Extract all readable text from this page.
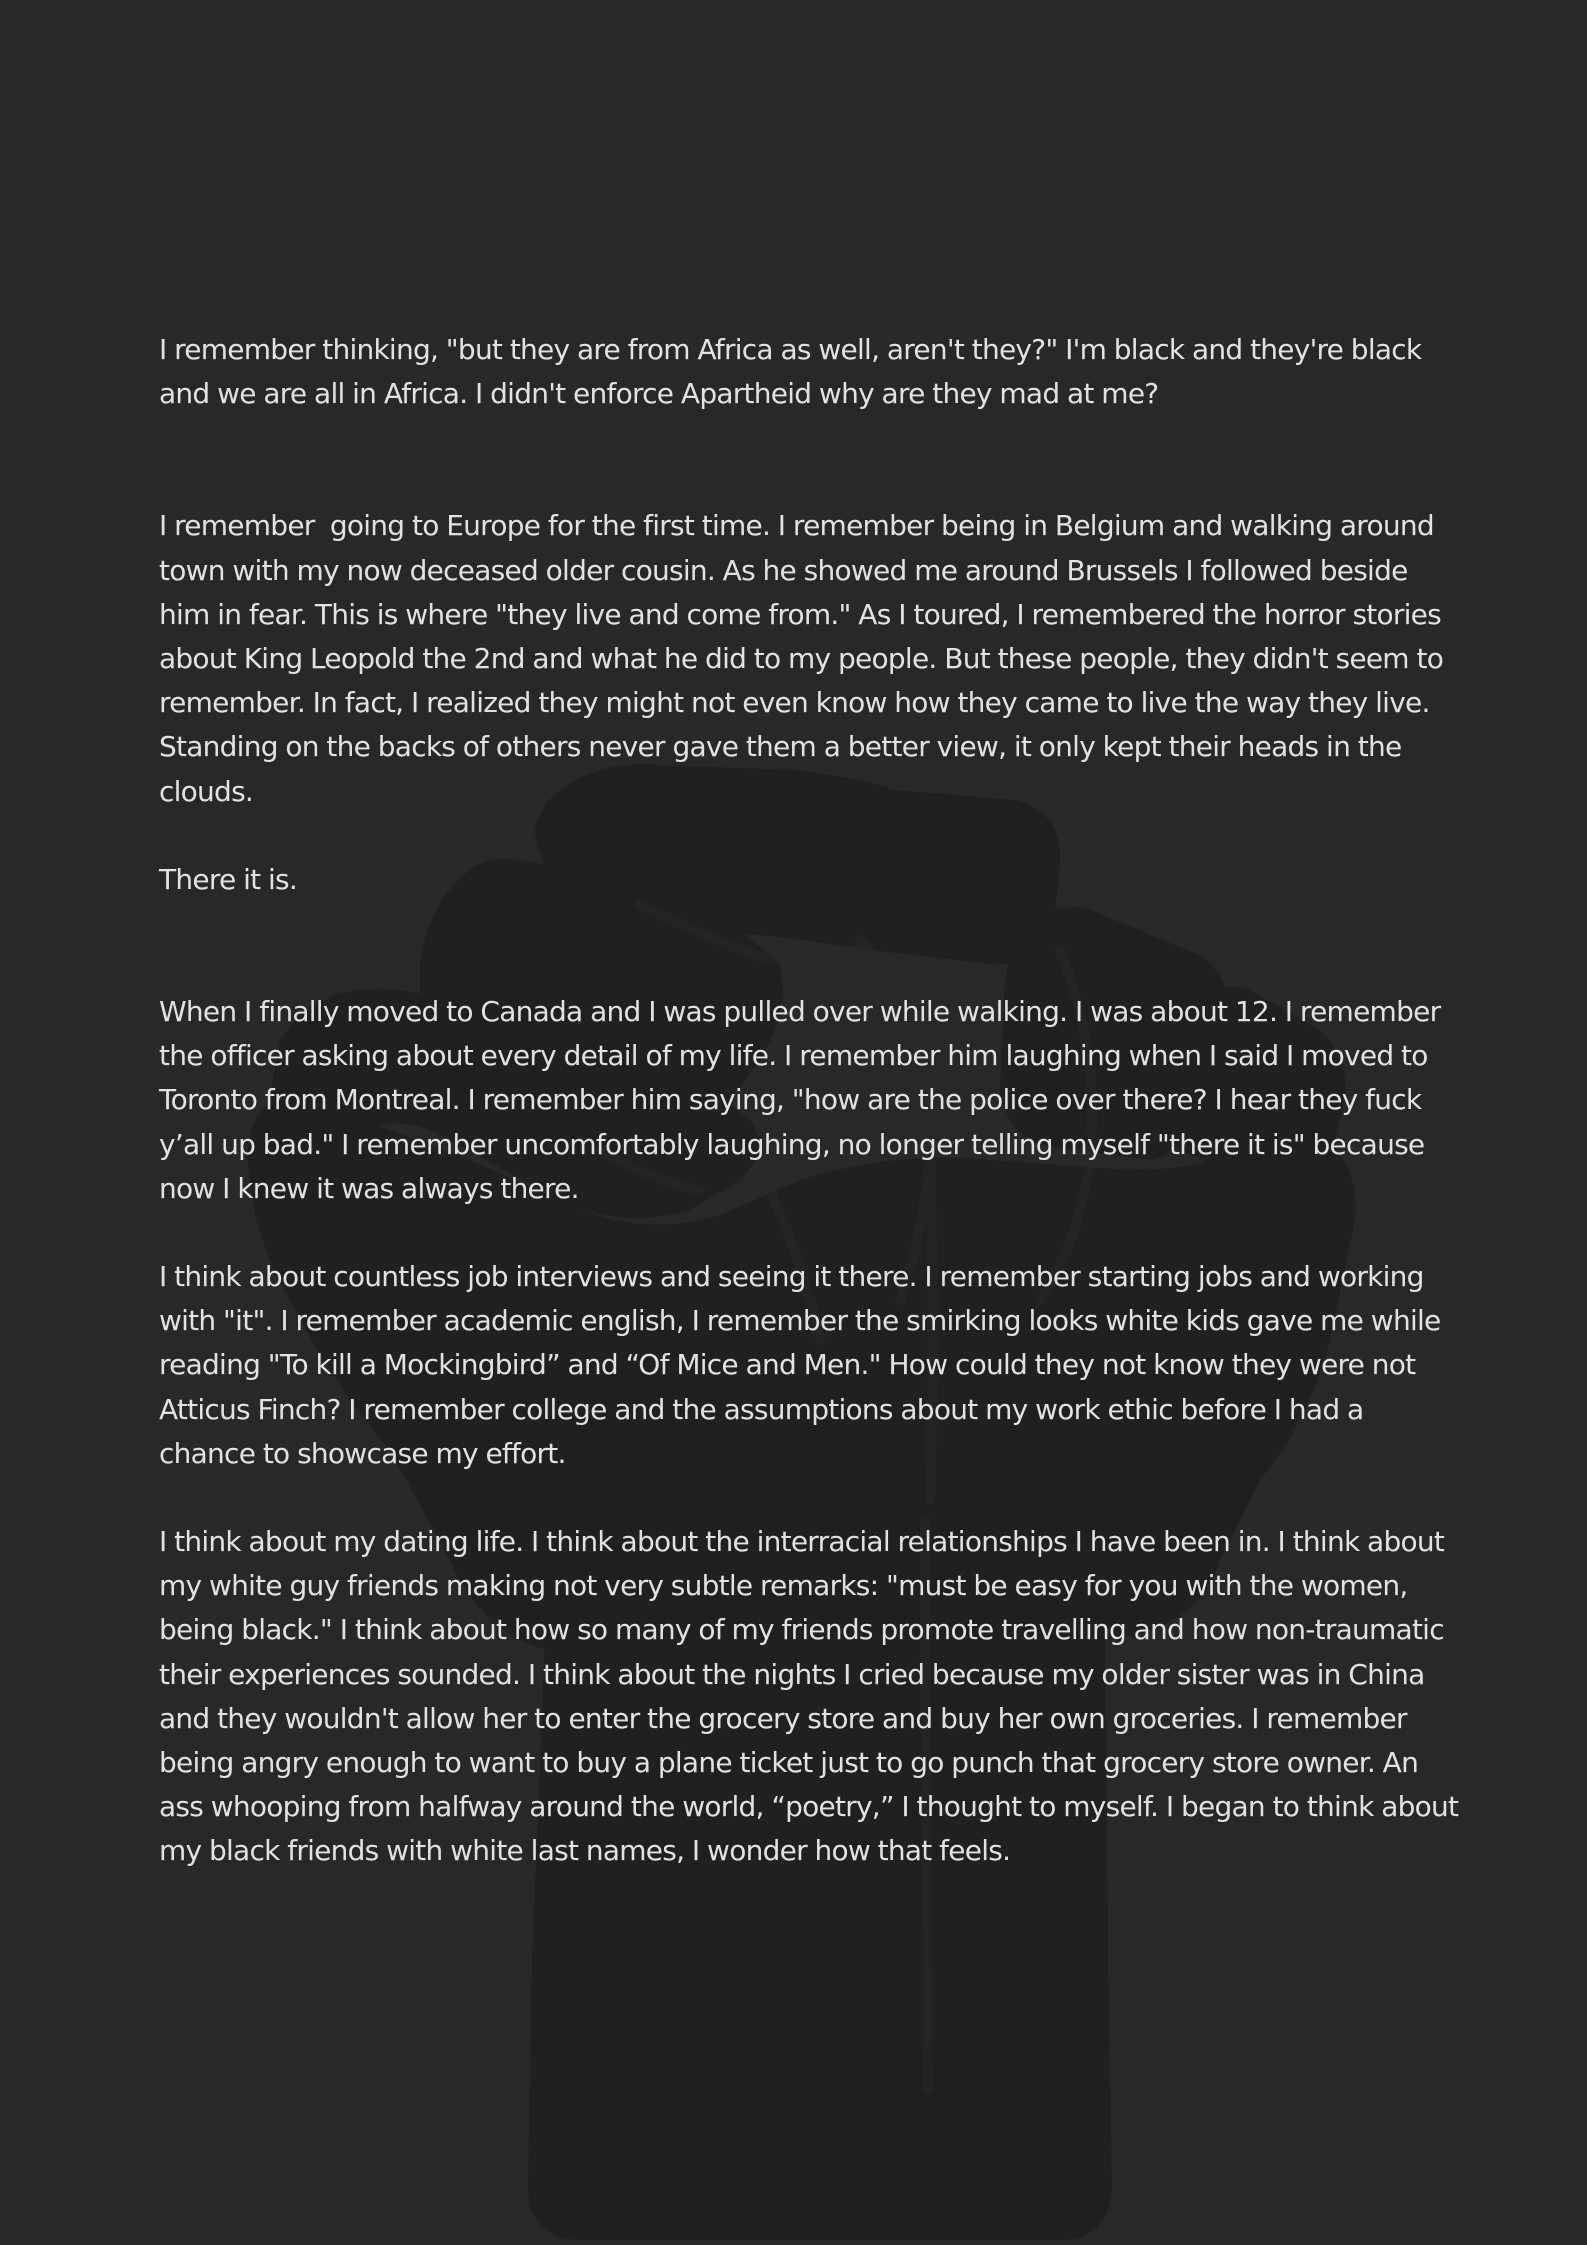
I remember thinking, "but they are from Africa as well, aren't they?" I'm black and they're black and we are all in Africa. I didn't enforce Apartheid why are they mad at me?

I remember  going to Europe for the first time. I remember being in Belgium and walking around town with my now deceased older cousin. As he showed me around Brussels I followed beside him in fear. This is where "they live and come from." As I toured, I remembered the horror stories about King Leopold the 2nd and what he did to my people. But these people, they didn't seem to remember. In fact, I realized they might not even know how they came to live the way they live. Standing on the backs of others never gave them a better view, it only kept their heads in the clouds.

There it is.

When I finally moved to Canada and I was pulled over while walking. I was about 12. I remember the officer asking about every detail of my life. I remember him laughing when I said I moved to Toronto from Montreal. I remember him saying, "how are the police over there? I hear they fuck y’all up bad." I remember uncomfortably laughing, no longer telling myself "there it is" because now I knew it was always there.

I think about countless job interviews and seeing it there. I remember starting jobs and working with "it". I remember academic english, I remember the smirking looks white kids gave me while reading "To kill a Mockingbird” and “Of Mice and Men." How could they not know they were not Atticus Finch? I remember college and the assumptions about my work ethic before I had a chance to showcase my effort.

I think about my dating life. I think about the interracial relationships I have been in. I think about my white guy friends making not very subtle remarks: "must be easy for you with the women, being black." I think about how so many of my friends promote travelling and how non-traumatic their experiences sounded. I think about the nights I cried because my older sister was in China and they wouldn't allow her to enter the grocery store and buy her own groceries. I remember being angry enough to want to buy a plane ticket just to go punch that grocery store owner. An ass whooping from halfway around the world, “poetry,” I thought to myself. I began to think about my black friends with white last names, I wonder how that feels.
